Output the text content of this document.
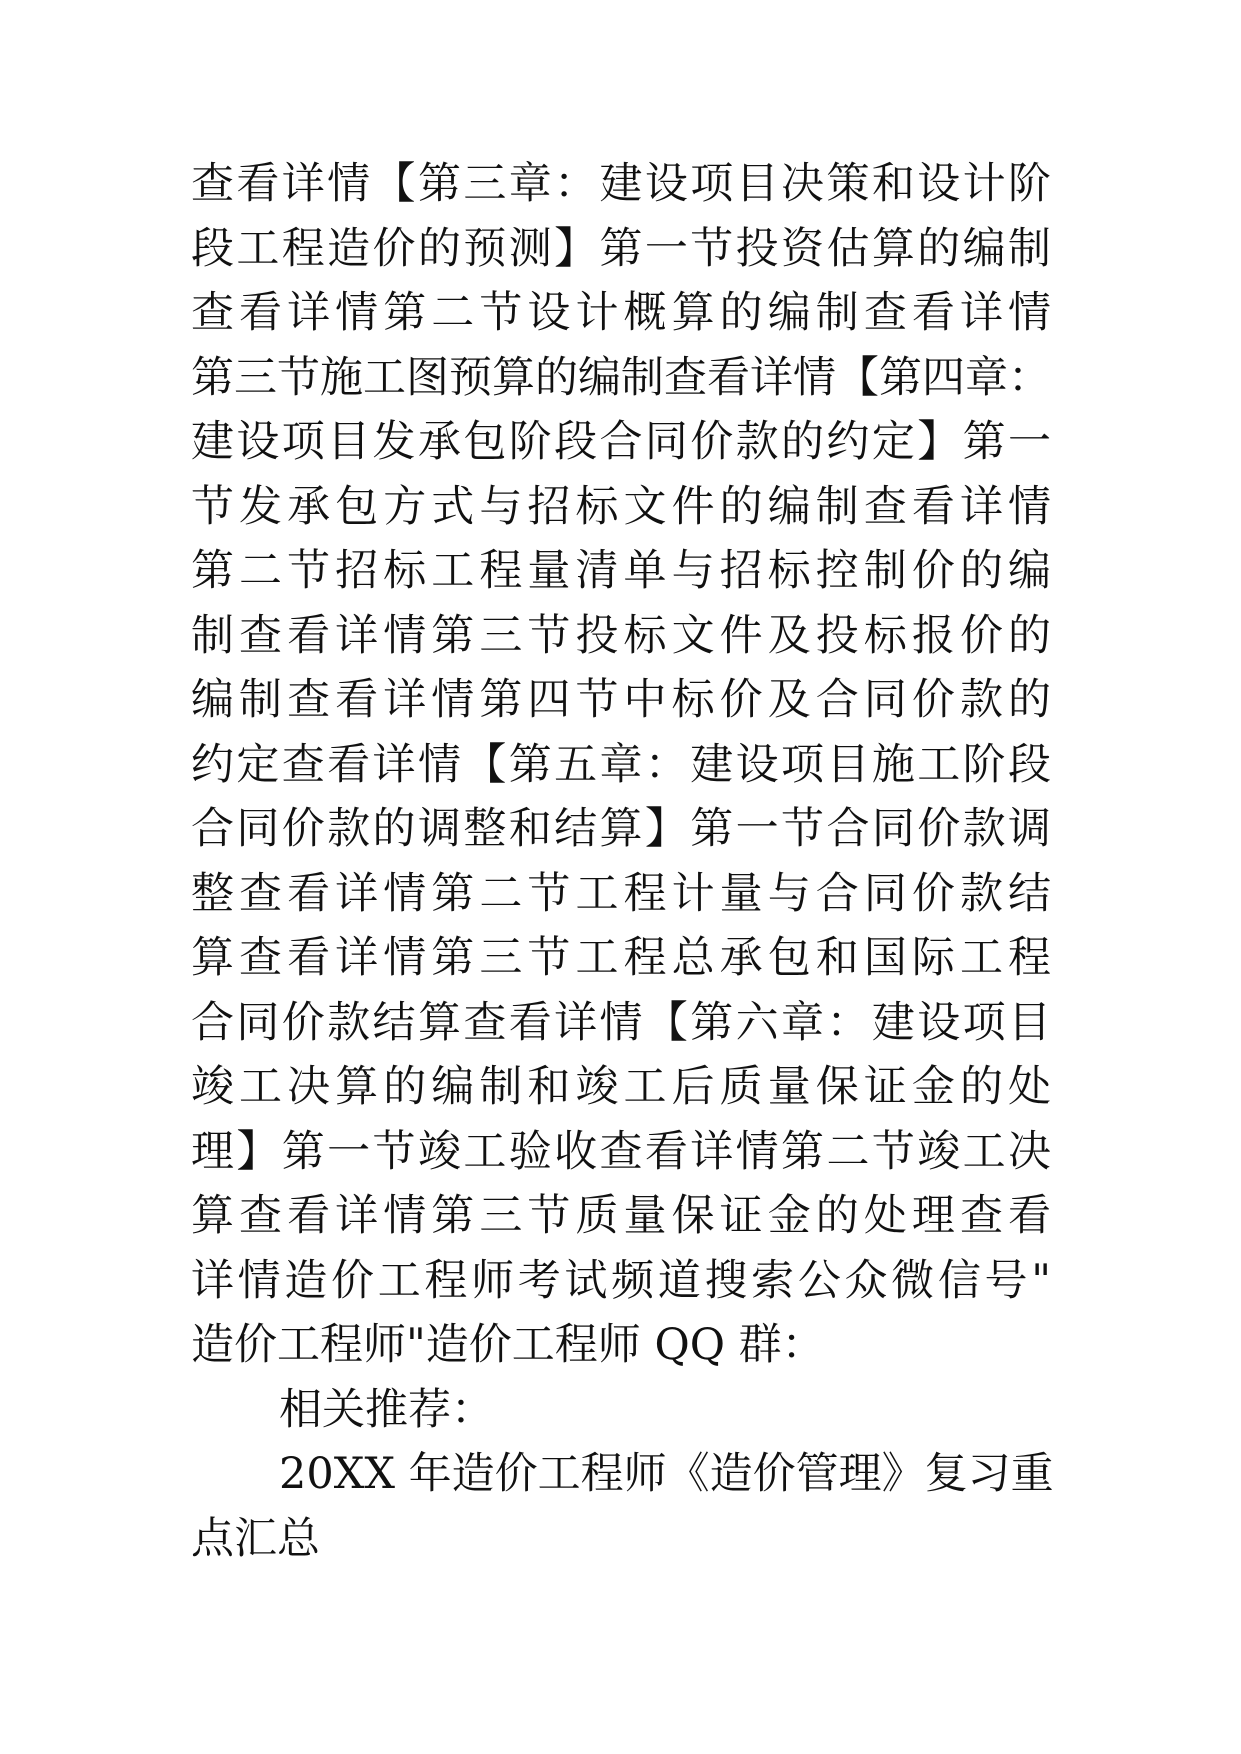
查看详情【第三章：建设项目决策和设计阶
段工程造价的预测】第一节投资估算的编制
查看详情第二节设计概算的编制查看详情
第三节施工图预算的编制查看详情【第四章：
建设项目发承包阶段合同价款的约定】第一
节发承包方式与招标文件的编制查看详情
第二节招标工程量清单与招标控制价的编
制查看详情第三节投标文件及投标报价的
编制查看详情第四节中标价及合同价款的
约定查看详情【第五章：建设项目施工阶段
合同价款的调整和结算】第一节合同价款调
整查看详情第二节工程计量与合同价款结
算查看详情第三节工程总承包和国际工程
合同价款结算查看详情【第六章：建设项目
竣工决算的编制和竣工后质量保证金的处
理】第一节竣工验收查看详情第二节竣工决
算查看详情第三节质量保证金的处理查看
详情造价工程师考试频道搜索公众微信号"
造价工程师"造价工程师 QQ 群：
相关推荐：
20XX 年造价工程师《造价管理》复习重
点汇总
